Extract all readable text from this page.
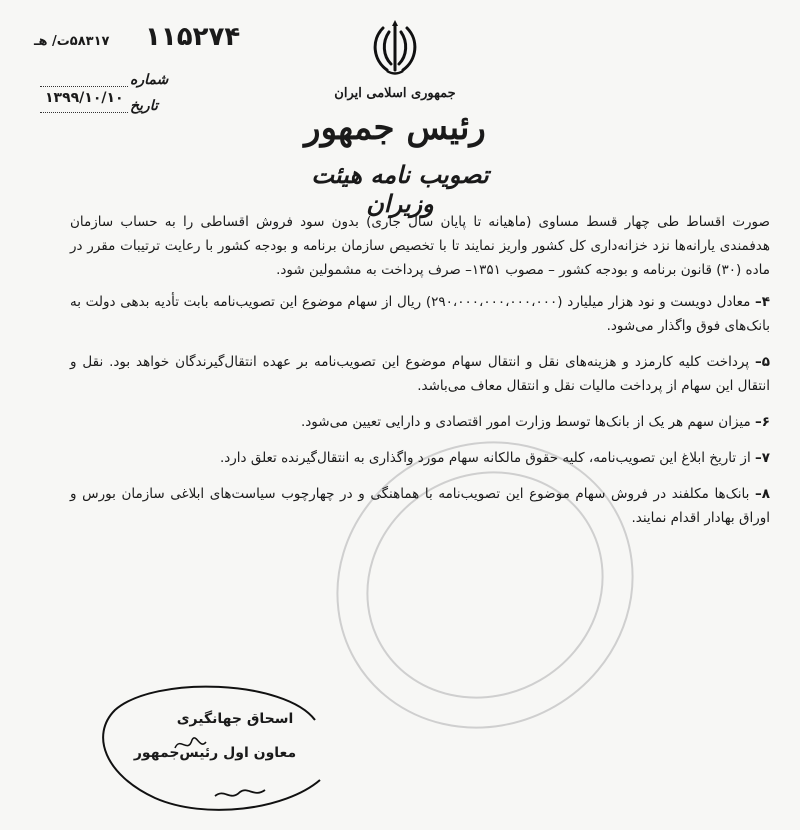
جمهوری اسلامی ایران
رئیس جمهور
تصویب نامه هیئت وزیران
۱۱۵۲۷۴
۵۸۳۱۷ت/ هـ
شماره
تاریخ
۱۳۹۹/۱۰/۱۰

صورت اقساط طی چهار قسط مساوی (ماهیانه تا پایان سال جاری) بدون سود فروش اقساطی را به حساب سازمان هدفمندی یارانه‌ها نزد خزانه‌داری کل کشور واریز نمایند تا با تخصیص سازمان برنامه و بودجه کشور با رعایت ترتیبات مقرر در ماده (۳۰) قانون برنامه و بودجه کشور – مصوب ۱۳۵۱– صرف پرداخت به مشمولین شود.

۴– معادل دویست و نود هزار میلیارد (۲۹۰،۰۰۰،۰۰۰،۰۰۰،۰۰۰) ریال از سهام موضوع این تصویب‌نامه بابت تأدیه بدهی دولت به بانک‌های فوق واگذار می‌شود.

۵– پرداخت کلیه کارمزد و هزینه‌های نقل و انتقال سهام موضوع این تصویب‌نامه بر عهده انتقال‌گیرندگان خواهد بود. نقل و انتقال این سهام از پرداخت مالیات نقل و انتقال معاف می‌باشد.

۶– میزان سهم هر یک از بانک‌ها توسط وزارت امور اقتصادی و دارایی تعیین می‌شود.

۷– از تاریخ ابلاغ این تصویب‌نامه، کلیه حقوق مالکانه سهام مورد واگذاری به انتقال‌گیرنده تعلق دارد.

۸– بانک‌ها مکلفند در فروش سهام موضوع این تصویب‌نامه با هماهنگی و در چهارچوب سیاست‌های ابلاغی سازمان بورس و اوراق بهادار اقدام نمایند.

اسحاق جهانگیری
معاون اول رئیس‌جمهور
